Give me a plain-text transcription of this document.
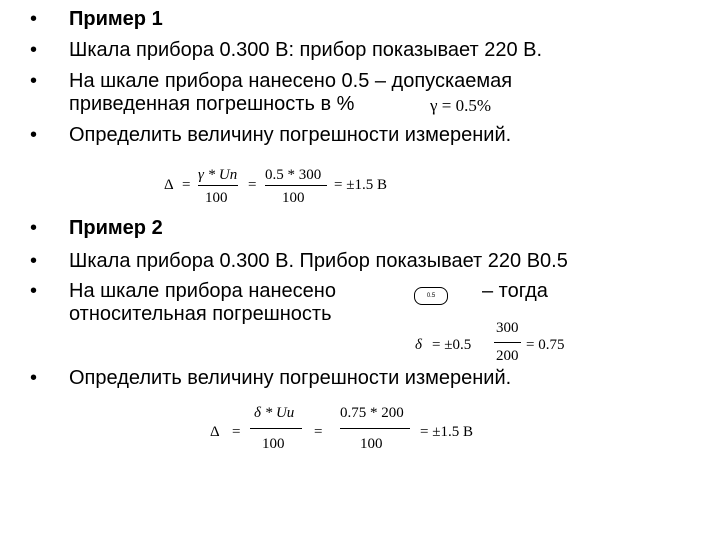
• Пример 1
• Шкала прибора 0.300 В: прибор показывает 220 В.
• На шкале прибора нанесено 0.5 – допускаемая
приведенная погрешность в %	γ = 0.5%
• Определить величину погрешности измерений.
Δ =
γ * Un
100
=
0.5 * 300
100
= ±1.5 B
• Пример 2
• Шкала прибора 0.300 В. Прибор показывает 220 В0.5
• На шкале прибора нанесено	0.5	– тогда
относительная погрешность
δ = ±0.5
300
200
= 0.75
• Определить величину погрешности измерений.
Δ =
δ * Uu
100
=
0.75 * 200
100
= ±1.5 B
